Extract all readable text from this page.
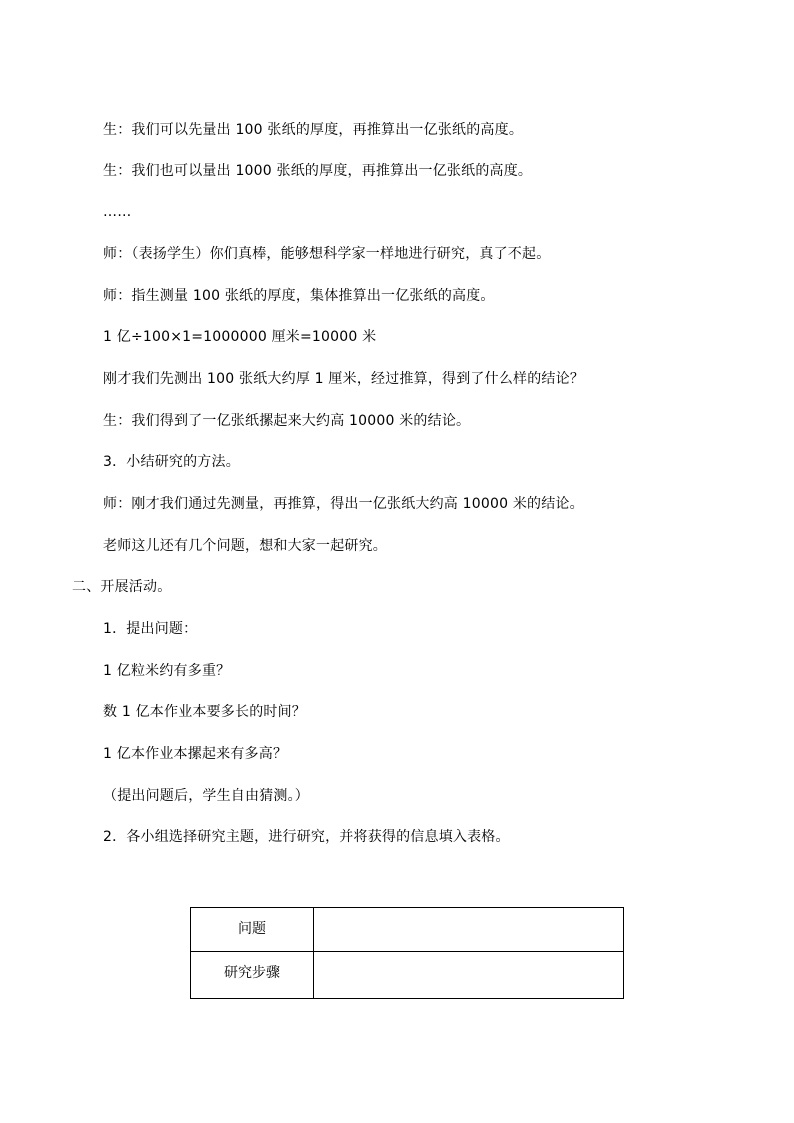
生：我们可以先量出 100 张纸的厚度，再推算出一亿张纸的高度。

生：我们也可以量出 1000 张纸的厚度，再推算出一亿张纸的高度。

……

师：（表扬学生）你们真棒，能够想科学家一样地进行研究，真了不起。

师：指生测量 100 张纸的厚度，集体推算出一亿张纸的高度。

1 亿÷100×1=1000000 厘米=10000 米

刚才我们先测出 100 张纸大约厚 1 厘米，经过推算，得到了什么样的结论？

生：我们得到了一亿张纸摞起来大约高 10000 米的结论。

3．小结研究的方法。

师：刚才我们通过先测量，再推算，得出一亿张纸大约高 10000 米的结论。

老师这儿还有几个问题，想和大家一起研究。

二、开展活动。

1．提出问题：

1 亿粒米约有多重？

数 1 亿本作业本要多长的时间？

1 亿本作业本摞起来有多高？

（提出问题后，学生自由猜测。）

2．各小组选择研究主题，进行研究，并将获得的信息填入表格。

问题	
研究步骤	
